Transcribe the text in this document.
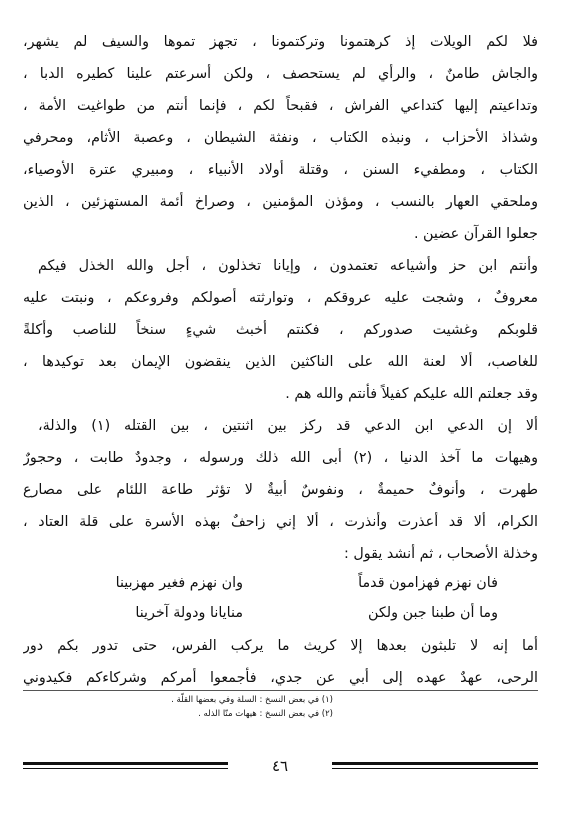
فلا لكم الويلات إذ كرهتمونا وتركتمونا ، تجهز تموها والسيف لم يشهر،
والجاش طامنٌ ، والرأي لم يستحصف ، ولكن أسرعتم علينا كطيره الدبا ،
وتداعيتم إليها كتداعي الفراش ، فقبحاً لكم ، فإنما أنتم من طواغيت الأمة ،
وشذاذ الأحزاب ، ونبذه الكتاب ، ونفثة الشيطان ، وعصبة الأثام، ومحرفي
الكتاب ، ومطفيء السنن ، وقتلة أولاد الأنبياء ، ومبيري عترة الأوصياء،
وملحقي العهار بالنسب ، ومؤذن المؤمنين ، وصراخ أئمة المستهزئين ، الذين
جعلوا القرآن عضين .
وأنتم ابن حز وأشياعه تعتمدون ، وإيانا تخذلون ، أجل والله الخذل فيكم
معروفٌ ، وشجت عليه عروقكم ، وتوارثته أصولكم وفروعكم ، ونبتت عليه
قلوبكم وغشيت صدوركم ، فكنتم أخبث شيءٍ سنخاً للناصب وأكلةً
للغاصب، ألا لعنة الله على الناكثين الذين ينقضون الإيمان بعد توكيدها ،
وقد جعلتم الله عليكم كفيلاً فأنتم والله هم .
ألا إن الدعي ابن الدعي قد ركز بين اثنتين ، بين القتله (١) والذلة،
وهيهات ما آخذ الدنيا ، (٢) أبى الله ذلك ورسوله ، وجدودٌ طابت ، وحجورٌ
طهرت ، وأنوفٌ حميمةٌ ، ونفوسٌ أبيةٌ لا تؤثر طاعة اللئام على مصارع
الكرام، ألا قد أعذرت وأنذرت ، ألا إني زاحفٌ بهذه الأسرة على قلة العتاد ،
وخذلة الأصحاب ، ثم أنشد يقول :
فان نهزم فهزامون قدماً
وان نهزم فغير مهزبينا
وما أن طبنا جبن ولكن
منايانا ودولة آخرينا
أما إنه لا تلبثون بعدها إلا كريث ما يركب الفرس، حتى تدور بكم دور
الرحى، عهدٌ عهده إلى أبي عن جدي، فأجمعوا أمركم وشركاءكم فكيدوني
(١) في بعض النسخ : السلة وفي بعضها القلّة .
(٢) في بعض النسخ : هيهات منّا الذله .
٤٦
